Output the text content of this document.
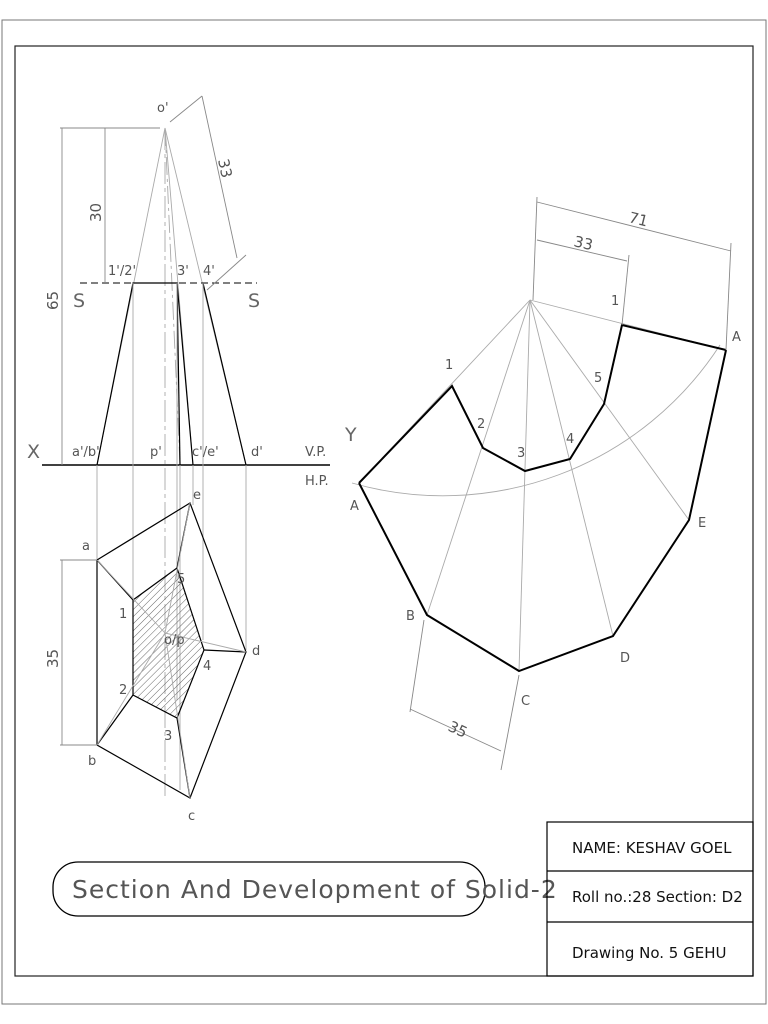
o'
1'/2'	3' 4'
S	S
X a'/b'	p' c'/e' d'	V.P.
H.P.
65
30
33
a
b
c
d
e
1
2
3
4
5
o/p
35
Y
A
B
C
D
E
A
1
2
3
4
5
1
71
33
35
Section And Development of Solid-2
NAME: KESHAV GOEL
Roll no.:28 Section: D2
Drawing No. 5 GEHU
